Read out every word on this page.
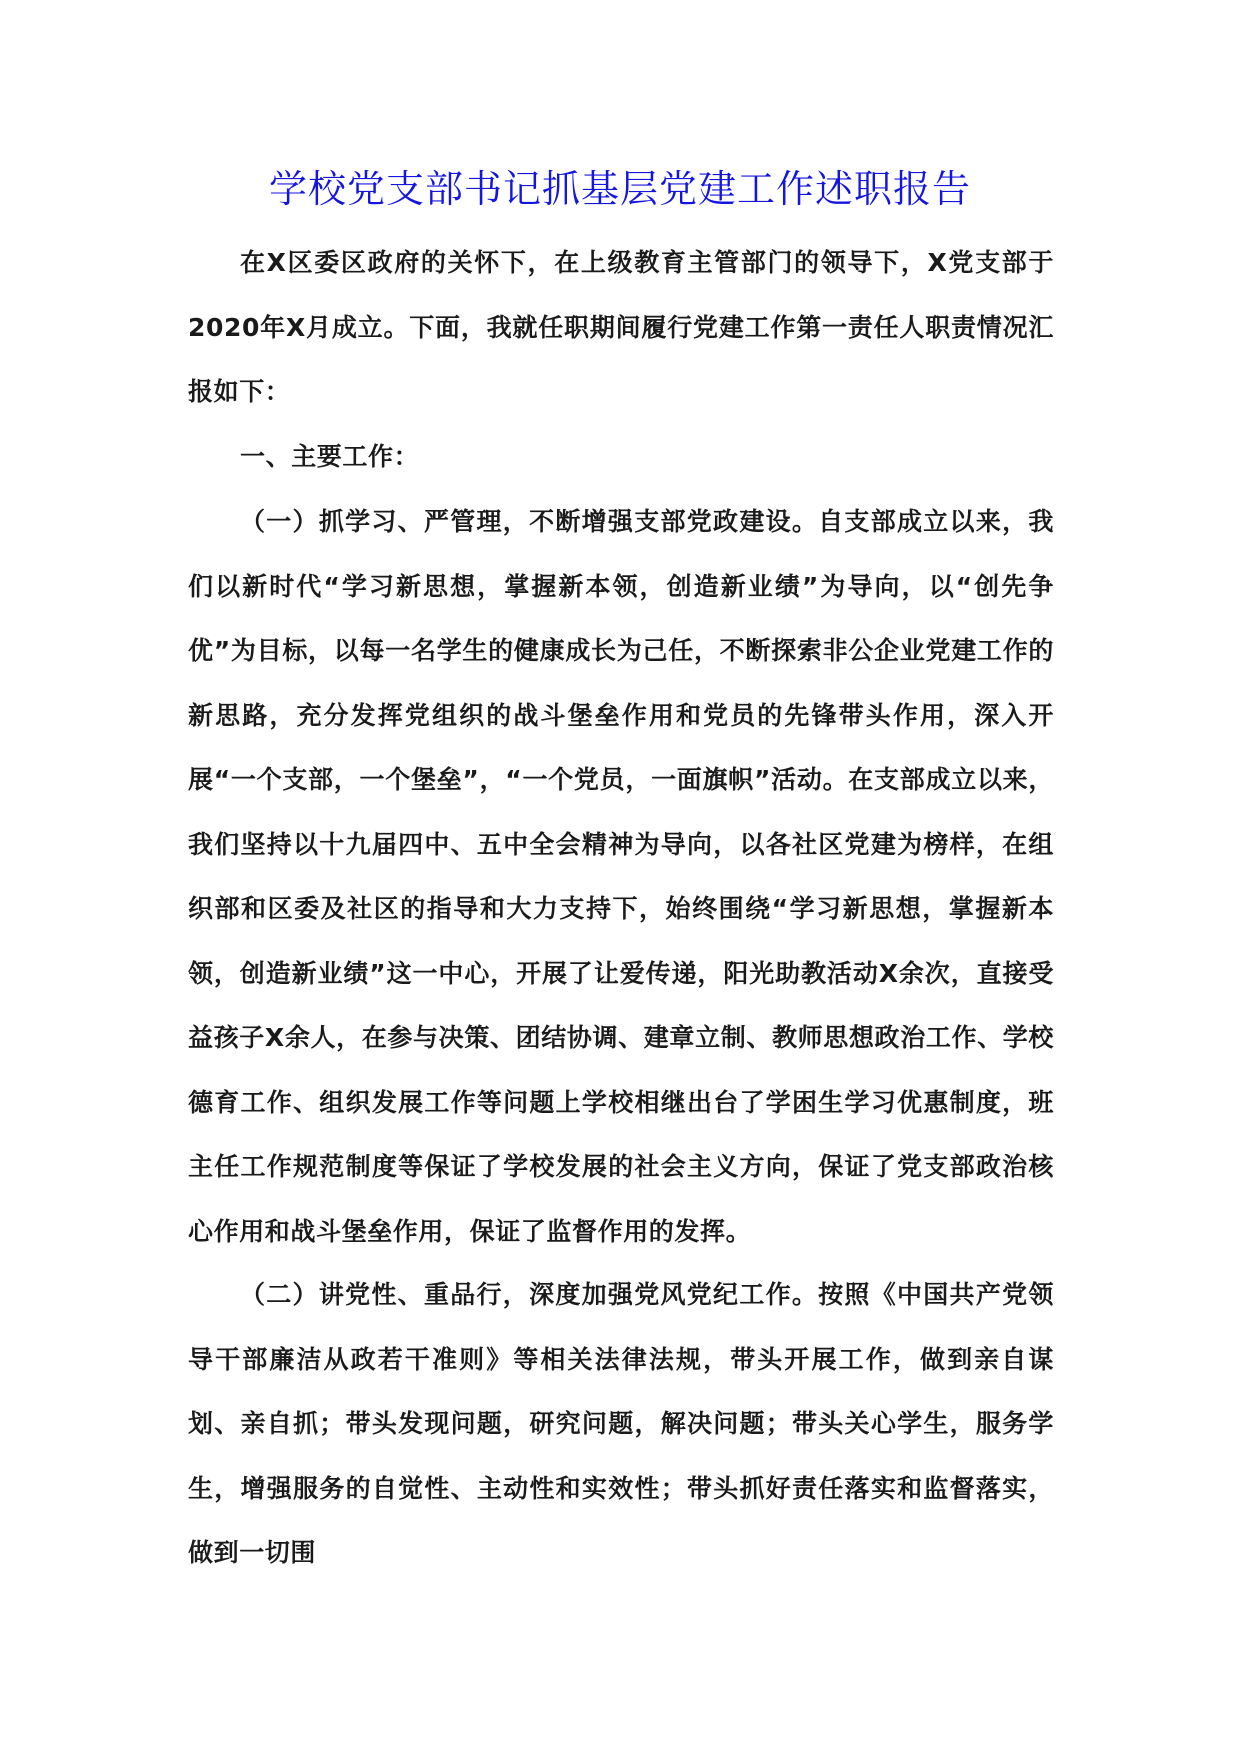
学校党支部书记抓基层党建工作述职报告

在X区委区政府的关怀下，在上级教育主管部门的领导下，X党支部于2020年X月成立。下面，我就任职期间履行党建工作第一责任人职责情况汇报如下：

一、主要工作：

（一）抓学习、严管理，不断增强支部党政建设。自支部成立以来，我们以新时代“学习新思想，掌握新本领，创造新业绩”为导向，以“创先争优”为目标，以每一名学生的健康成长为己任，不断探索非公企业党建工作的新思路，充分发挥党组织的战斗堡垒作用和党员的先锋带头作用，深入开展“一个支部，一个堡垒”，“一个党员，一面旗帜”活动。在支部成立以来，我们坚持以十九届四中、五中全会精神为导向，以各社区党建为榜样，在组织部和区委及社区的指导和大力支持下，始终围绕“学习新思想，掌握新本领，创造新业绩”这一中心，开展了让爱传递，阳光助教活动X余次，直接受益孩子X余人，在参与决策、团结协调、建章立制、教师思想政治工作、学校德育工作、组织发展工作等问题上学校相继出台了学困生学习优惠制度，班主任工作规范制度等保证了学校发展的社会主义方向，保证了党支部政治核心作用和战斗堡垒作用，保证了监督作用的发挥。

（二）讲党性、重品行，深度加强党风党纪工作。按照《中国共产党领导干部廉洁从政若干准则》等相关法律法规，带头开展工作，做到亲自谋划、亲自抓；带头发现问题，研究问题，解决问题；带头关心学生，服务学生，增强服务的自觉性、主动性和实效性；带头抓好责任落实和监督落实，做到一切围
